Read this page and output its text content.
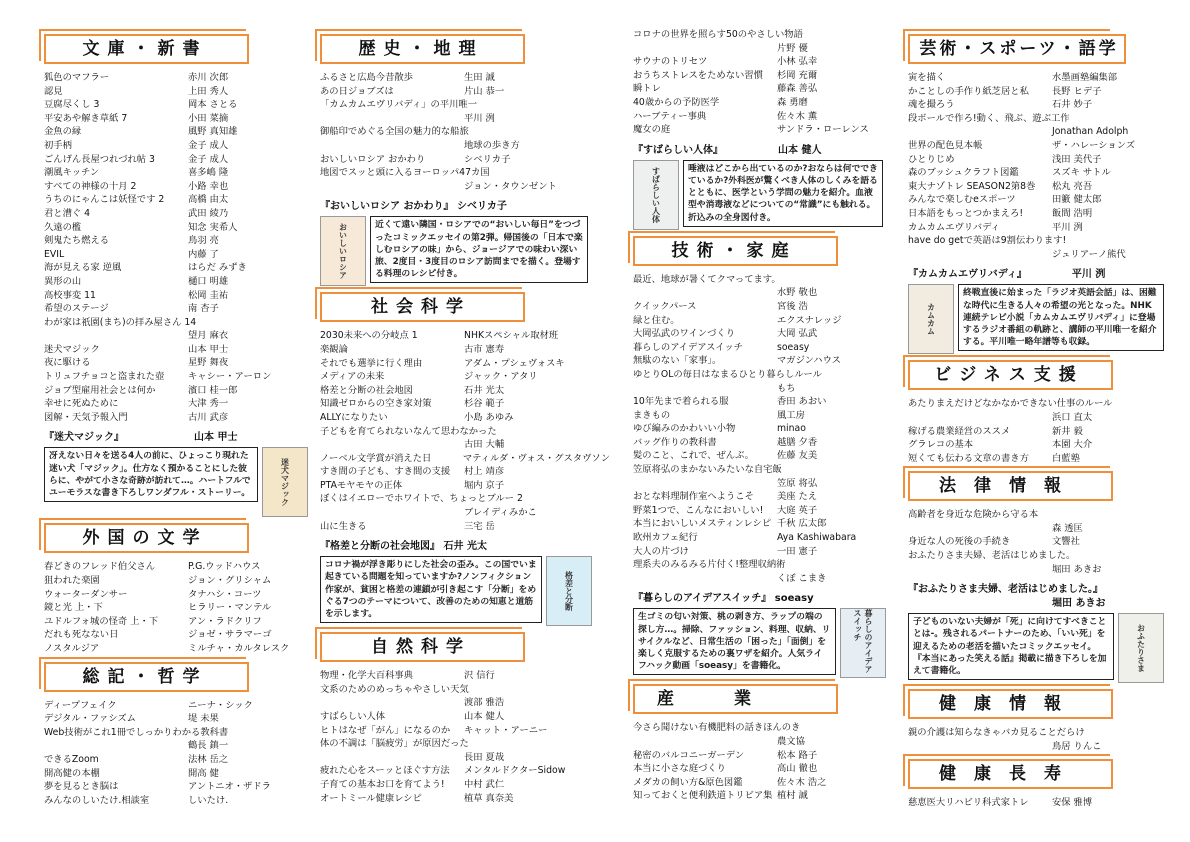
文庫・新書
狐色のマフラー	赤川 次郎
認見	上田 秀人
豆腐尽くし 3	岡本 さとる
平安あや解き草紙 7	小田 菜摘
金魚の縁	風野 真知雄
初手柄	金子 成人
ごんげん長屋つれづれ帖 3	金子 成人
潮風キッチン	喜多嶋 隆
すべての神様の十月 2	小路 幸也
うちのにゃんこは妖怪です 2	高橋 由太
君と漕ぐ 4	武田 綾乃
久遠の檻	知念 実希人
剣鬼たち燃える	鳥羽 亮
EVIL	内藤 了
海が見える家 逆風	はらだ みずき
異形の山	樋口 明雄
高校事変 11	松岡 圭祐
希望のステージ	南 杏子
わが家は祇園(まち)の拝み屋さん 14
望月 麻衣
迷犬マジック	山本 甲士
夜に駆ける	星野 舞夜
トリュフチョコと盗まれた壺	キャシー・アーロン
ジョブ型雇用社会とは何か	濱口 桂一郎
幸せに死ぬために	大津 秀一
図解・天気予報入門	古川 武彦
『迷犬マジック』	山本 甲士
冴えない日々を送る4人の前に、ひょっこり現れた迷い犬「マジック」。仕方なく預かることにした彼らに、やがて小さな奇跡が訪れて…。ハートフルでユーモラスな書き下ろしワンダフル・ストーリー。	迷犬マジック
外国の文学
春どきのフレッド伯父さん	P.G.ウッドハウス
狙われた楽園	ジョン・グリシャム
ウォーターダンサー	タナハシ・コーツ
鏡と光 上・下	ヒラリー・マンテル
ユドルフォ城の怪奇 上・下	アン・ラドクリフ
だれも死なない日	ジョゼ・サラマーゴ
ノスタルジア	ミルチャ・カルタレスク
総記・哲学
ディープフェイク	ニーナ・シック
デジタル・ファシズム	堤 未果
Web技術がこれ1冊でしっかりわかる教科書
鶴長 鎮一
できるZoom	法林 岳之
開高健の本棚	開高 健
夢を見るとき脳は	アントニオ・ザドラ
みんなのしいたけ.相談室	しいたけ.
歴史・地理
ふるさと広島今昔散歩	生田 誠
あの日ジョブズは	片山 恭一
「カムカムエヴリバディ」の平川唯一
平川 洌
御船印でめぐる全国の魅力的な船旅
地球の歩き方
おいしいロシア おかわり	シベリカ子
地図でスッと頭に入るヨーロッパ47カ国
ジョン・タウンゼント
『おいしいロシア おかわり』 シベリカ子
おいしいロシア	近くて遠い隣国・ロシアでの“おいしい毎日”をつづったコミックエッセイの第2弾。帰国後の「日本で楽しむロシアの味」から、ジョージアでの味わい深い旅、2度目・3度目のロシア訪問までを描く。登場する料理のレシピ付き。
社会科学
2030未来への分岐点 1	NHKスペシャル取材班
楽観論	古市 憲寿
それでも選挙に行く理由	アダム・プシェヴォスキ
メディアの未来	ジャック・アタリ
格差と分断の社会地図	石井 光太
知識ゼロからの空き家対策	杉谷 範子
ALLYになりたい	小島 あゆみ
子どもを育てられないなんて思わなかった
古田 大輔
ノーベル文学賞が消えた日	マティルダ・ヴォス・グスタヴソン
すき間の子ども、すき間の支援	村上 靖彦
PTAモヤモヤの正体	堀内 京子
ぼくはイエローでホワイトで、ちょっとブルー 2
ブレイディみかこ
山に生きる	三宅 岳
『格差と分断の社会地図』 石井 光太
コロナ禍が浮き彫りにした社会の歪み。この国でいま起きている問題を知っていますか?ノンフィクション作家が、貧困と格差の連鎖が引き起こす「分断」をめぐる7つのテーマについて、改善のための知恵と道筋を示します。
格差と分断
自然科学
物理・化学大百科事典	沢 信行
文系のためのめっちゃやさしい天気
渡部 雅浩
すばらしい人体	山本 健人
ヒトはなぜ「がん」になるのか	キャット・アーニー
体の不調は「脳疲労」が原因だった
長田 夏哉
疲れた心をスーッとほぐす方法	メンタルドクターSidow
子育ての基本お口を育てよう!	中村 武仁
オートミール健康レシピ	植草 真奈美
コロナの世界を照らす50のやさしい物語
片野 優
サウナのトリセツ	小林 弘幸
おうちストレスをためない習慣	杉岡 充爾
瞬トレ	藤森 善弘
40歳からの予防医学	森 勇磨
ハーブティー事典	佐々木 薫
魔女の庭	サンドラ・ローレンス
『すばらしい人体』	山本 健人
すばらしい人体	唾液はどこから出ているのか?おならは何でできているか?外科医が驚くべき人体のしくみを語るとともに、医学という学問の魅力を紹介。血液型や消毒液などについての“常識”にも触れる。折込みの全身図付き。
技術・家庭
最近、地球が暑くてクマってます。
水野 敬也
クイックパース	宮後 浩
緑と住む。	エクスナレッジ
大岡弘武のワインづくり	大岡 弘武
暮らしのアイデアスイッチ	soeasy
無駄のない「家事」。	マガジンハウス
ゆとりOLの毎日はなまるひとり暮らしルール
もち
10年先まで着られる服	香田 あおい
まきもの	風工房
ゆび編みのかわいい小物	minao
バッグ作りの教科書	越膳 夕香
髪のこと、これで、ぜんぶ。	佐藤 友美
笠原将弘のまかないみたいな自宅飯
笠原 将弘
おとな料理制作室へようこそ	美座 たえ
野菜1つで、こんなにおいしい!	大庭 英子
本当においしいメスティンレシピ 千秋 広太郎
欧州カフェ紀行	Aya Kashiwabara
大人の片づけ	一田 憲子
理系夫のみるみる片付く!整理収納術
くぼ こまき
『暮らしのアイデアスイッチ』 soeasy
生ゴミの匂い対策、桃の剥き方、ラップの端の探し方…。掃除、ファッション、料理、収納、リサイクルなど、日常生活の「困った」「面倒」を楽しく克服するための裏ワザを紹介。人気ライフハック動画「soeasy」を書籍化。	暮らしのアイデアスイッチ
産業
今さら聞けない有機肥料の話きほんのき
農文協
秘密のバルコニーガーデン	松本 路子
本当に小さな庭づくり	高山 徹也
メダカの飼い方&原色図鑑	佐々木 浩之
知っておくと便利鉄道トリビア集 植村 誠
芸術・スポーツ・語学
寅を描く	水墨画塾編集部
かことしの手作り紙芝居と私	長野 ヒデ子
魂を撮ろう	石井 妙子
段ボールで作ろ!動く、飛ぶ、遊ぶ工作
Jonathan Adolph
世界の配色見本帳	ザ・ハレーションズ
ひとりじめ	浅田 美代子
森のブッシュクラフト図鑑	スズキ サトル
東大ナゾトレ SEASON2第8巻	松丸 亮吾
みんなで楽しむeスポーツ	田籔 健太郎
日本語をもっとつかまえろ!	飯間 浩明
カムカムエヴリバディ	平川 洌
have do getで英語は9割伝わります!
ジュリアーノ熊代
『カムカムエヴリバディ』	平川 洌
カムカム
終戦直後に始まった「ラジオ英語会話」は、困難な時代に生きる人々の希望の光となった。NHK連続テレビ小説「カムカムエヴリバディ」に登場するラジオ番組の軌跡と、講師の平川唯一を紹介する。平川唯一略年譜等も収録。
ビジネス支援
あたりまえだけどなかなかできない仕事のルール
浜口 直太
稼げる農業経営のススメ	新井 毅
グラレコの基本	本園 大介
短くても伝わる文章の書き方	白藍塾
法律情報
高齢者を身近な危険から守る本
森 透匡
身近な人の死後の手続き	文響社
おふたりさま夫婦、老活はじめました。
堀田 あきお
『おふたりさま夫婦、老活はじめました。』
堀田 あきお
子どものいない夫婦が「死」に向けてすべきこととは-。残されるパートナーのため、「いい死」を迎えるための老活を描いたコミックエッセイ。『本当にあった笑える話』掲載に描き下ろしを加えて書籍化。	おふたりさま
健康情報
親の介護は知らなきゃバカ見ることだらけ
鳥居 りんこ
健康長寿
慈恵医大リハビリ科式家トレ	安保 雅博
